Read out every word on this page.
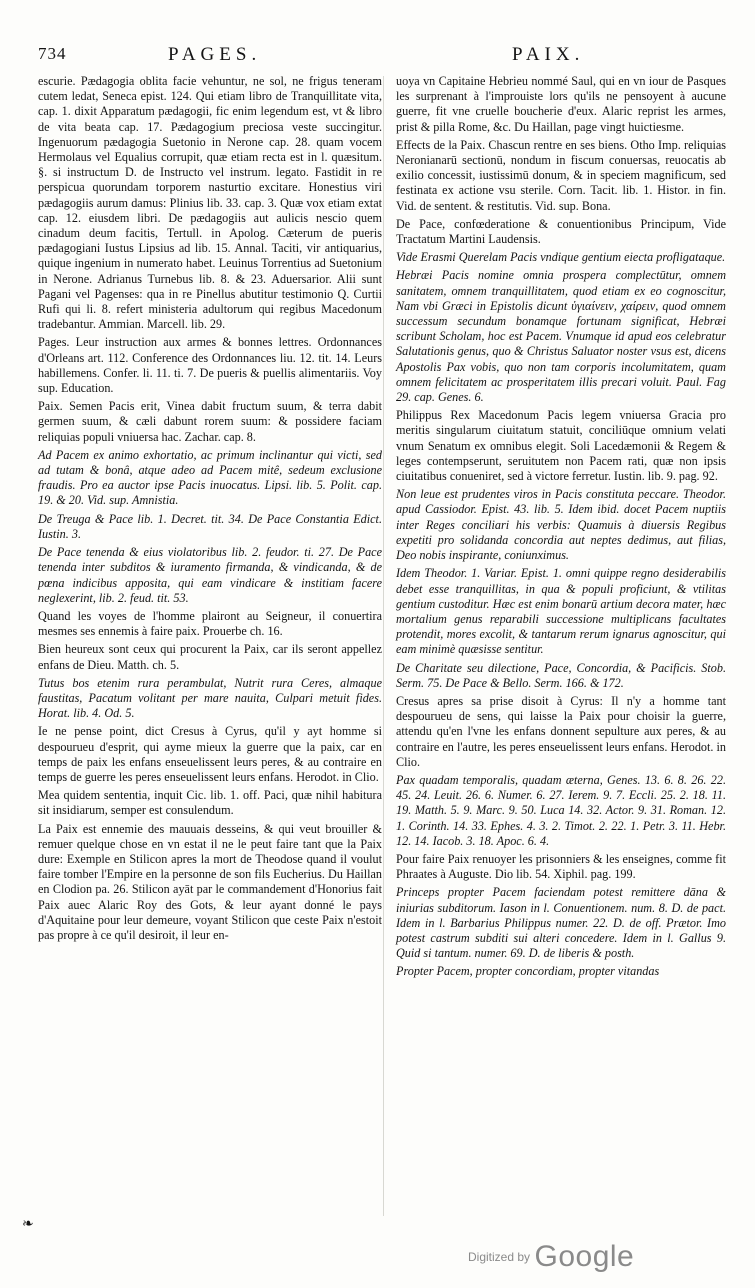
734	PAGES.	PAIX.

escurie. Pædagogia oblita facie vehuntur, ne sol, ne frigus teneram cutem ledat, Seneca epist. 124. Qui etiam libro de Tranquillitate vita, cap. 1. dixit Apparatum pædagogii, fic enim legendum est, vt & libro de vita beata cap. 17. Pædagogium preciosa veste succingitur. Ingenuorum pædagogia Suetonio in Nerone cap. 28. quam vocem Hermolaus vel Equalius corrupit, quæ etiam recta est in l. quæsitum. §. si instructum D. de Instructo vel instrum. legato. Fastidit in re perspicua quorundam torporem nasturtio excitare. Honestius viri pædagogiis aurum damus: Plinius lib. 33. cap. 3. Quæ vox etiam extat cap. 12. eiusdem libri. De pædagogiis aut aulicis nescio quem cinadum deum facitis, Tertull. in Apolog. Cæterum de pueris pædagogiani Iustus Lipsius ad lib. 15. Annal. Taciti, vir antiquarius, quique ingenium in numerato habet. Leuinus Torrentius ad Suetonium in Nerone. Adrianus Turnebus lib. 8. & 23. Aduersarior. Alii sunt Pagani vel Pagenses: qua in re Pinellus abutitur testimonio Q. Curtii Rufi qui li. 8. refert ministeria adultorum qui regibus Macedonum tradebantur. Ammian. Marcell. lib. 29.

Pages. Leur instruction aux armes & bonnes lettres. Ordonnances d'Orleans art. 112. Conference des Ordonnances liu. 12. tit. 14. Leurs habillemens. Confer. li. 11. ti. 7. De pueris & puellis alimentariis. Voy sup. Education.

Paix. Semen Pacis erit, Vinea dabit fructum suum, & terra dabit germen suum, & cæli dabunt rorem suum: & possidere faciam reliquias populi vniuersa hac. Zachar. cap. 8.

Ad Pacem ex animo exhortatio, ac primum inclinantur qui victi, sed ad tutam & bonâ, atque adeo ad Pacem mitê, sedeum exclusione fraudis. Pro ea auctor ipse Pacis inuocatus. Lipsi. lib. 5. Polit. cap. 19. & 20. Vid. sup. Amnistia.

De Treuga & Pace lib. 1. Decret. tit. 34. De Pace Constantia Edict. Iustin. 3.

De Pace tenenda & eius violatoribus lib. 2. feudor. ti. 27. De Pace tenenda inter subditos & iuramento firmanda, & vindicanda, & de pœna indicibus apposita, qui eam vindicare & institiam facere neglexerint, lib. 2. feud. tit. 53.

Quand les voyes de l'homme plairont au Seigneur, il conuertira mesmes ses ennemis à faire paix. Prouerbe ch. 16.

Bien heureux sont ceux qui procurent la Paix, car ils seront appellez enfans de Dieu. Matth. ch. 5.

Tutus bos etenim rura perambulat, Nutrit rura Ceres, almaque faustitas, Pacatum volitant per mare nauita, Culpari metuit fides. Horat. lib. 4. Od. 5.

Ie ne pense point, dict Cresus à Cyrus, qu'il y ayt homme si despourueu d'esprit, qui ayme mieux la guerre que la paix, car en temps de paix les enfans enseuelissent leurs peres, & au contraire en temps de guerre les peres enseuelissent leurs enfans. Herodot. in Clio.

Mea quidem sententia, inquit Cic. lib. 1. off. Paci, quæ nihil habitura sit insidiarum, semper est consulendum.

La Paix est ennemie des mauuais desseins, & qui veut brouiller & remuer quelque chose en vn estat il ne le peut faire tant que la Paix dure: Exemple en Stilicon apres la mort de Theodose quand il voulut faire tomber l'Empire en la personne de son fils Eucherius. Du Haillan en Clodion pa. 26. Stilicon ayāt par le commandement d'Honorius fait Paix auec Alaric Roy des Gots, & leur ayant donné le pays d'Aquitaine pour leur demeure, voyant Stilicon que ceste Paix n'estoit pas propre à ce qu'il desiroit, il leur en-

uoya vn Capitaine Hebrieu nommé Saul, qui en vn iour de Pasques les surprenant à l'improuiste lors qu'ils ne pensoyent à aucune guerre, fit vne cruelle boucherie d'eux. Alaric reprist les armes, prist & pilla Rome, &c. Du Haillan, page vingt huictiesme.

Effects de la Paix. Chascun rentre en ses biens. Otho Imp. reliquias Neronianarū sectionū, nondum in fiscum conuersas, reuocatis ab exilio concessit, iustissimū donum, & in speciem magnificum, sed festinata ex actione vsu sterile. Corn. Tacit. lib. 1. Histor. in fin. Vid. de sentent. & restitutis. Vid. sup. Bona.

De Pace, confœderatione & conuentionibus Principum, Vide Tractatum Martini Laudensis.

Vide Erasmi Querelam Pacis vndique gentium eiecta profligataque.

Hebræi Pacis nomine omnia prospera complectūtur, omnem sanitatem, omnem tranquillitatem, quod etiam ex eo cognoscitur, Nam vbi Græci in Epistolis dicunt ὑγιαίνειν, χαίρειν, quod omnem successum secundum bonamque fortunam significat, Hebræi scribunt Scholam, hoc est Pacem. Vnumque id apud eos celebratur Salutationis genus, quo & Christus Saluator noster vsus est, dicens Apostolis Pax vobis, quo non tam corporis incolumitatem, quam omnem felicitatem ac prosperitatem illis precari voluit. Paul. Fag 29. cap. Genes. 6.

Philippus Rex Macedonum Pacis legem vniuersa Gracia pro meritis singularum ciuitatum statuit, conciliūque omnium velati vnum Senatum ex omnibus elegit. Soli Lacedæmonii & Regem & leges contempserunt, seruitutem non Pacem rati, quæ non ipsis ciuitatibus conueniret, sed à victore ferretur. Iustin. lib. 9. pag. 92.

Non leue est prudentes viros in Pacis constituta peccare. Theodor. apud Cassiodor. Epist. 43. lib. 5. Idem ibid. docet Pacem nuptiis inter Reges conciliari his verbis: Quamuis à diuersis Regibus expetiti pro solidanda concordia aut neptes dedimus, aut filias, Deo nobis inspirante, coniunximus.

Idem Theodor. 1. Variar. Epist. 1. omni quippe regno desiderabilis debet esse tranquillitas, in qua & populi proficiunt, & vtilitas gentium custoditur. Hæc est enim bonarū artium decora mater, hæc mortalium genus reparabili successione multiplicans facultates protendit, mores excolit, & tantarum rerum ignarus agnoscitur, qui eam minimè quæsisse sentitur.

De Charitate seu dilectione, Pace, Concordia, & Pacificis. Stob. Serm. 75. De Pace & Bello. Serm. 166. & 172.

Cresus apres sa prise disoit à Cyrus: Il n'y a homme tant despourueu de sens, qui laisse la Paix pour choisir la guerre, attendu qu'en l'vne les enfans donnent sepulture aux peres, & au contraire en l'autre, les peres enseuelissent leurs enfans. Herodot. in Clio.

Pax quadam temporalis, quadam æterna, Genes. 13. 6. 8. 26. 22. 45. 24. Leuit. 26. 6. Numer. 6. 27. Ierem. 9. 7. Eccli. 25. 2. 18. 11. 19. Matth. 5. 9. Marc. 9. 50. Luca 14. 32. Actor. 9. 31. Roman. 12. 1. Corinth. 14. 33. Ephes. 4. 3. 2. Timot. 2. 22. 1. Petr. 3. 11. Hebr. 12. 14. Iacob. 3. 18. Apoc. 6. 4.

Pour faire Paix renuoyer les prisonniers & les enseignes, comme fit Phraates à Auguste. Dio lib. 54. Xiphil. pag. 199.

Princeps propter Pacem faciendam potest remittere dāna & iniurias subditorum. Iason in l. Conuentionem. num. 8. D. de pact. Idem in l. Barbarius Philippus numer. 22. D. de off. Prætor. Imo potest castrum subditi sui alteri concedere. Idem in l. Gallus 9. Quid si tantum. numer. 69. D. de liberis & posth.

Propter Pacem, propter concordiam, propter vitandas

❧
Digitized by Google
